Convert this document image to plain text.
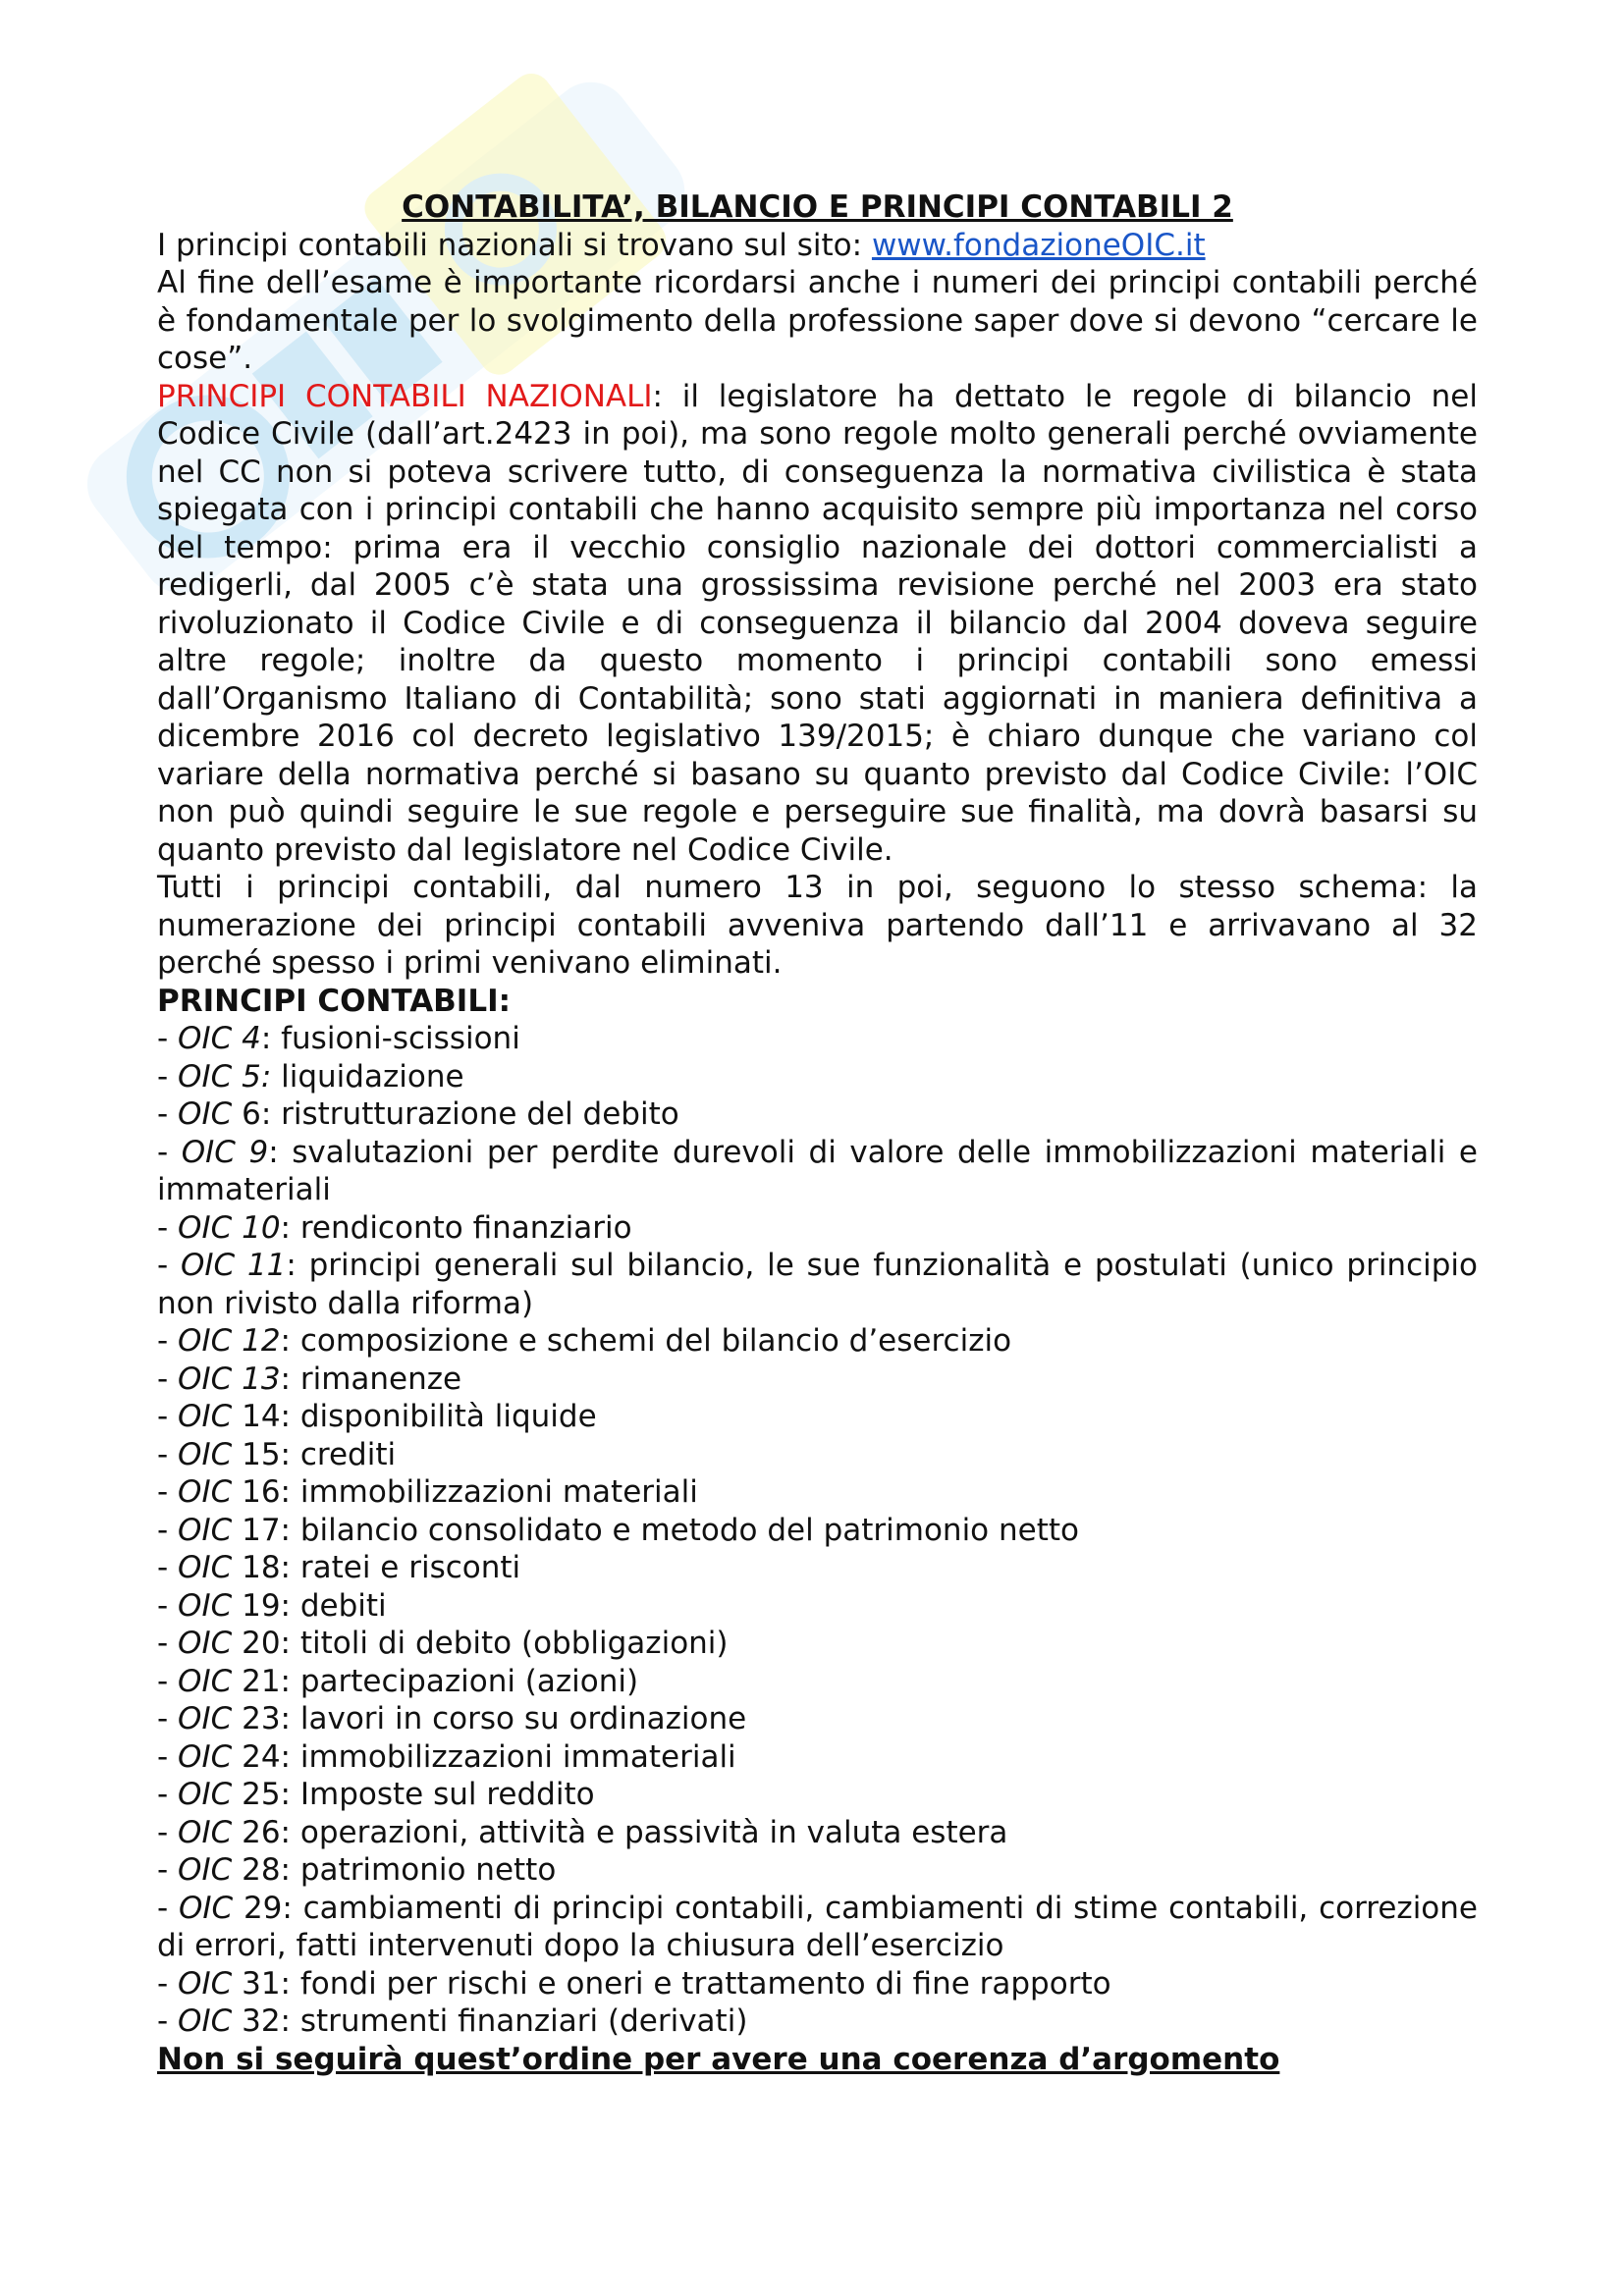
CONTABILITA’, BILANCIO E PRINCIPI CONTABILI 2

I principi contabili nazionali si trovano sul sito: www.fondazioneOIC.it

Al fine dell’esame è importante ricordarsi anche i numeri dei principi contabili perché è fondamentale per lo svolgimento della professione saper dove si devono “cercare le cose”.

PRINCIPI CONTABILI NAZIONALI: il legislatore ha dettato le regole di bilancio nel Codice Civile (dall’art.2423 in poi), ma sono regole molto generali perché ovviamente nel CC non si poteva scrivere tutto, di conseguenza la normativa civilistica è stata spiegata con i principi contabili che hanno acquisito sempre più importanza nel corso del tempo: prima era il vecchio consiglio nazionale dei dottori commercialisti a redigerli, dal 2005 c’è stata una grossissima revisione perché nel 2003 era stato rivoluzionato il Codice Civile e di conseguenza il bilancio dal 2004 doveva seguire altre regole; inoltre da questo momento i principi contabili sono emessi dall’Organismo Italiano di Contabilità; sono stati aggiornati in maniera definitiva a dicembre 2016 col decreto legislativo 139/2015; è chiaro dunque che variano col variare della normativa perché si basano su quanto previsto dal Codice Civile: l’OIC non può quindi seguire le sue regole e perseguire sue finalità, ma dovrà basarsi su quanto previsto dal legislatore nel Codice Civile.

Tutti i principi contabili, dal numero 13 in poi, seguono lo stesso schema: la numerazione dei principi contabili avveniva partendo dall’11 e arrivavano al 32 perché spesso i primi venivano eliminati.

PRINCIPI CONTABILI:

- OIC 4: fusioni-scissioni
- OIC 5: liquidazione
- OIC 6: ristrutturazione del debito
- OIC 9: svalutazioni per perdite durevoli di valore delle immobilizzazioni materiali e immateriali
- OIC 10: rendiconto finanziario
- OIC 11: principi generali sul bilancio, le sue funzionalità e postulati (unico principio non rivisto dalla riforma)
- OIC 12: composizione e schemi del bilancio d’esercizio
- OIC 13: rimanenze
- OIC 14: disponibilità liquide
- OIC 15: crediti
- OIC 16: immobilizzazioni materiali
- OIC 17: bilancio consolidato e metodo del patrimonio netto
- OIC 18: ratei e risconti
- OIC 19: debiti
- OIC 20: titoli di debito (obbligazioni)
- OIC 21: partecipazioni (azioni)
- OIC 23: lavori in corso su ordinazione
- OIC 24: immobilizzazioni immateriali
- OIC 25: Imposte sul reddito
- OIC 26: operazioni, attività e passività in valuta estera
- OIC 28: patrimonio netto
- OIC 29: cambiamenti di principi contabili, cambiamenti di stime contabili, correzione di errori, fatti intervenuti dopo la chiusura dell’esercizio
- OIC 31: fondi per rischi e oneri e trattamento di fine rapporto
- OIC 32: strumenti finanziari (derivati)

Non si seguirà quest’ordine per avere una coerenza d’argomento
